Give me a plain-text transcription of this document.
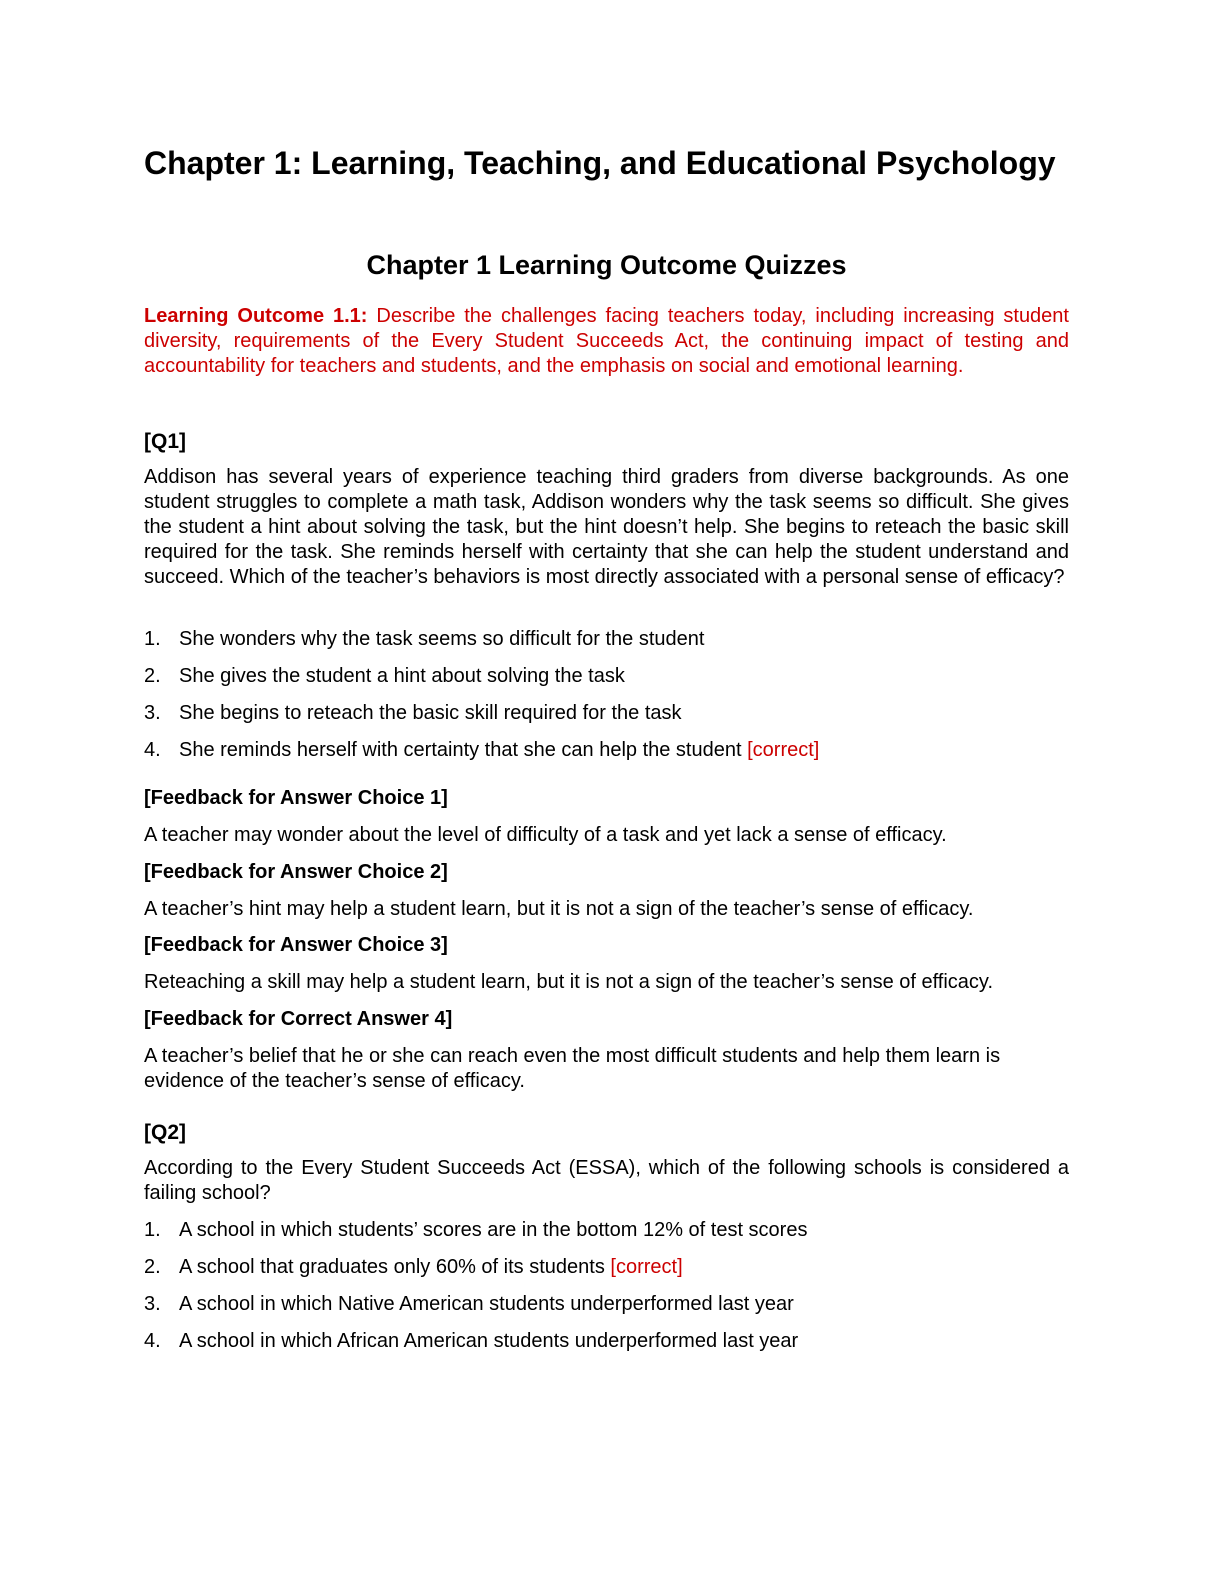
Chapter 1: Learning, Teaching, and Educational Psychology
Chapter 1 Learning Outcome Quizzes

Learning Outcome 1.1: Describe the challenges facing teachers today, including increasing student diversity, requirements of the Every Student Succeeds Act, the continuing impact of testing and accountability for teachers and students, and the emphasis on social and emotional learning.

[Q1]

Addison has several years of experience teaching third graders from diverse backgrounds. As one student struggles to complete a math task, Addison wonders why the task seems so difficult. She gives the student a hint about solving the task, but the hint doesn’t help. She begins to reteach the basic skill required for the task. She reminds herself with certainty that she can help the student understand and succeed. Which of the teacher’s behaviors is most directly associated with a personal sense of efficacy?

1. She wonders why the task seems so difficult for the student
2. She gives the student a hint about solving the task
3. She begins to reteach the basic skill required for the task
4. She reminds herself with certainty that she can help the student [correct]

[Feedback for Answer Choice 1]

A teacher may wonder about the level of difficulty of a task and yet lack a sense of efficacy.

[Feedback for Answer Choice 2]

A teacher’s hint may help a student learn, but it is not a sign of the teacher’s sense of efficacy.

[Feedback for Answer Choice 3]

Reteaching a skill may help a student learn, but it is not a sign of the teacher’s sense of efficacy.

[Feedback for Correct Answer 4]

A teacher’s belief that he or she can reach even the most difficult students and help them learn is evidence of the teacher’s sense of efficacy.

[Q2]

According to the Every Student Succeeds Act (ESSA), which of the following schools is considered a failing school?

1. A school in which students’ scores are in the bottom 12% of test scores
2. A school that graduates only 60% of its students [correct]
3. A school in which Native American students underperformed last year
4. A school in which African American students underperformed last year
